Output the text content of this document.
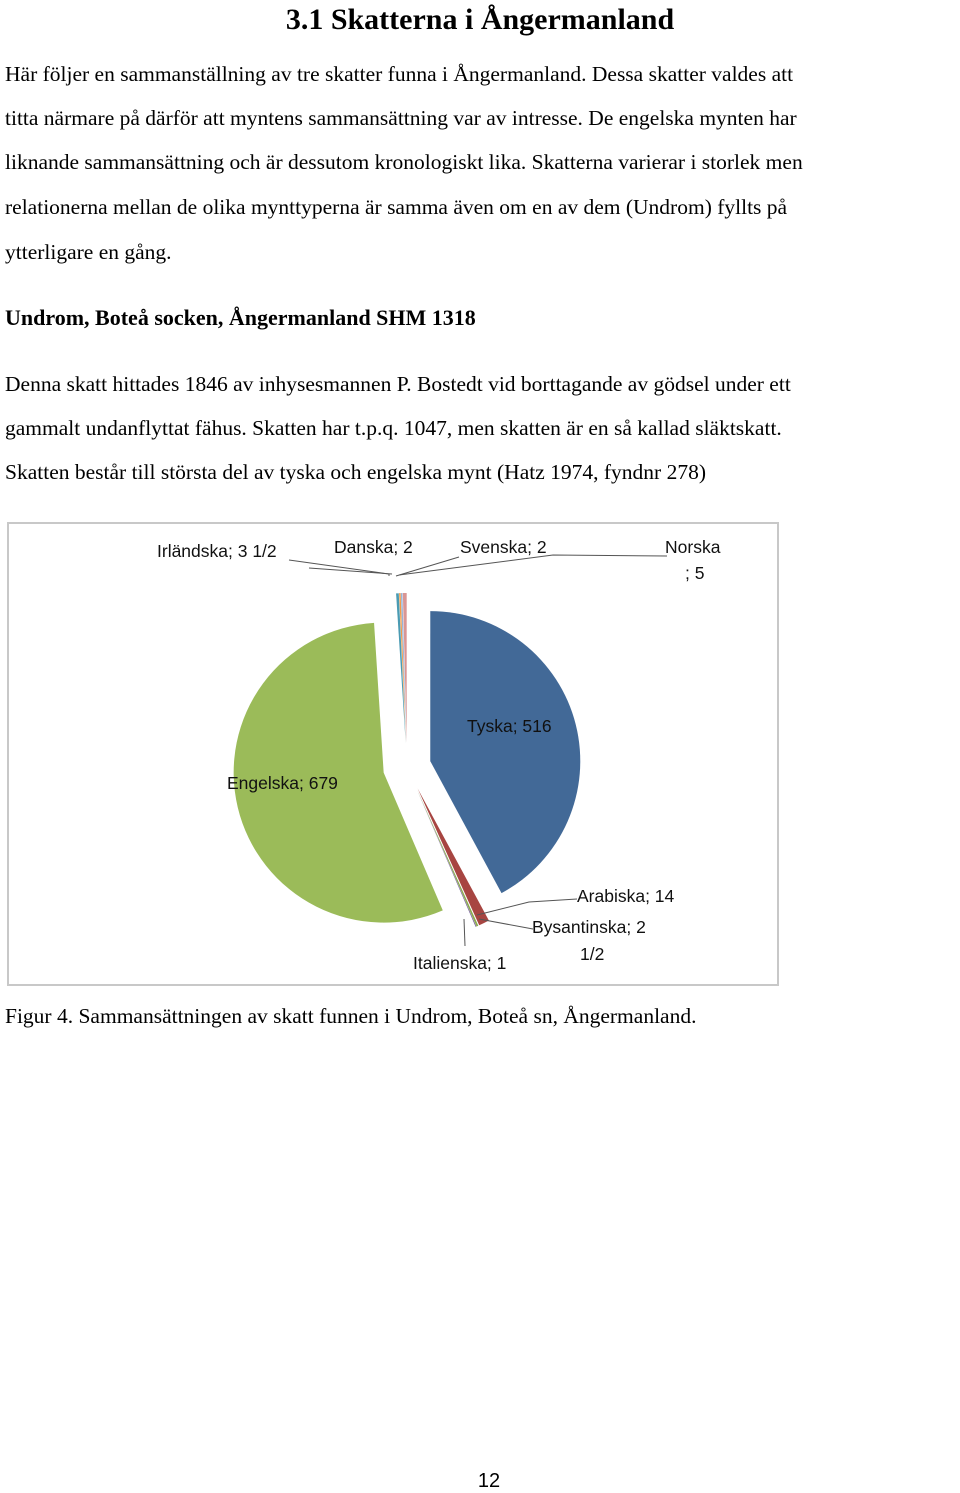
3.1 Skatterna i Ångermanland

Här följer en sammanställning av tre skatter funna i Ångermanland. Dessa skatter valdes att

titta närmare på därför att myntens sammansättning var av intresse. De engelska mynten har

liknande sammansättning och är dessutom kronologiskt lika. Skatterna varierar i storlek men

relationerna mellan de olika mynttyperna är samma även om en av dem (Undrom) fyllts på

ytterligare en gång.

Undrom, Boteå socken, Ångermanland SHM 1318

Denna skatt hittades 1846 av inhysesmannen P. Bostedt vid borttagande av gödsel under ett

gammalt undanflyttat fähus. Skatten har t.p.q. 1047, men skatten är en så kallad släktskatt.

Skatten består till största del av tyska och engelska mynt (Hatz 1974, fyndnr 278)

Irländska; 3 1/2	Danska; 2	Svenska; 2	Norska
; 5
Tyska; 516
Engelska; 679
Arabiska; 14
Bysantinska; 2
1/2
Italienska; 1

Figur 4. Sammansättningen av skatt funnen i Undrom, Boteå sn, Ångermanland.

12
